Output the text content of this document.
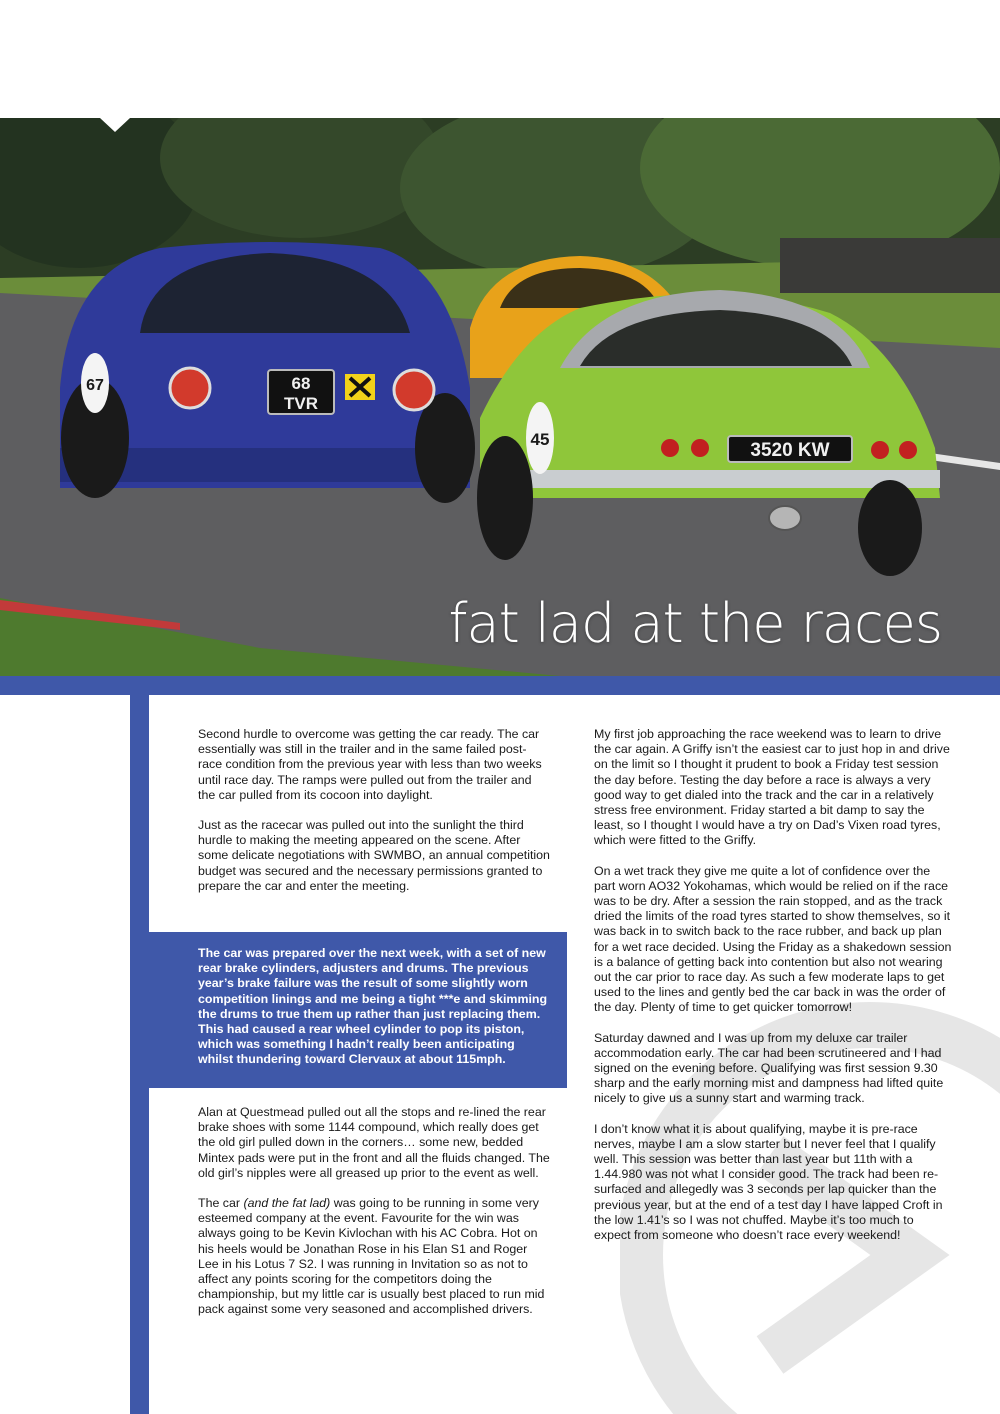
68
TVR
67
3520 KW
45
fat lad at the races

Second hurdle to overcome was getting the car ready. The car essentially was still in the trailer and in the same failed post-race condition from the previous year with less than two weeks until race day. The ramps were pulled out from the trailer and the car pulled from its cocoon into daylight.

Just as the racecar was pulled out into the sunlight the third hurdle to making the meeting appeared on the scene. After some delicate negotiations with SWMBO, an annual competition budget was secured and the necessary permissions granted to prepare the car and enter the meeting.

The car was prepared over the next week, with a set of new rear brake cylinders, adjusters and drums. The previous year’s brake failure was the result of some slightly worn competition linings and me being a tight ***e and skimming the drums to true them up rather than just replacing them. This had caused a rear wheel cylinder to pop its piston, which was something I hadn’t really been anticipating whilst thundering toward Clervaux at about 115mph.

Alan at Questmead pulled out all the stops and re-lined the rear brake shoes with some 1144 compound, which really does get the old girl pulled down in the corners… some new, bedded Mintex pads were put in the front and all the fluids changed. The old girl’s nipples were all greased up prior to the event as well.

The car (and the fat lad) was going to be running in some very esteemed company at the event. Favourite for the win was always going to be Kevin Kivlochan with his AC Cobra. Hot on his heels would be Jonathan Rose in his Elan S1 and Roger Lee in his Lotus 7 S2. I was running in Invitation so as not to affect any points scoring for the competitors doing the championship, but my little car is usually best placed to run mid pack against some very seasoned and accomplished drivers.

My first job approaching the race weekend was to learn to drive the car again. A Griffy isn’t the easiest car to just hop in and drive on the limit so I thought it prudent to book a Friday test session the day before. Testing the day before a race is always a very good way to get dialed into the track and the car in a relatively stress free environment. Friday started a bit damp to say the least, so I thought I would have a try on Dad’s Vixen road tyres, which were fitted to the Griffy.

On a wet track they give me quite a lot of confidence over the part worn AO32 Yokohamas, which would be relied on if the race was to be dry. After a session the rain stopped, and as the track dried the limits of the road tyres started to show themselves, so it was back in to switch back to the race rubber, and back up plan for a wet race decided. Using the Friday as a shakedown session is a balance of getting back into contention but also not wearing out the car prior to race day. As such a few moderate laps to get used to the lines and gently bed the car back in was the order of the day. Plenty of time to get quicker tomorrow!

Saturday dawned and I was up from my deluxe car trailer accommodation early. The car had been scrutineered and I had signed on the evening before. Qualifying was first session 9.30 sharp and the early morning mist and dampness had lifted quite nicely to give us a sunny start and warming track.

I don’t know what it is about qualifying, maybe it is pre-race nerves, maybe I am a slow starter but I never feel that I qualify well. This session was better than last year but 11th with a 1.44.980 was not what I consider good. The track had been re-surfaced and allegedly was 3 seconds per lap quicker than the previous year, but at the end of a test day I have lapped Croft in the low 1.41’s so I was not chuffed. Maybe it’s too much to expect from someone who doesn’t race every weekend!
